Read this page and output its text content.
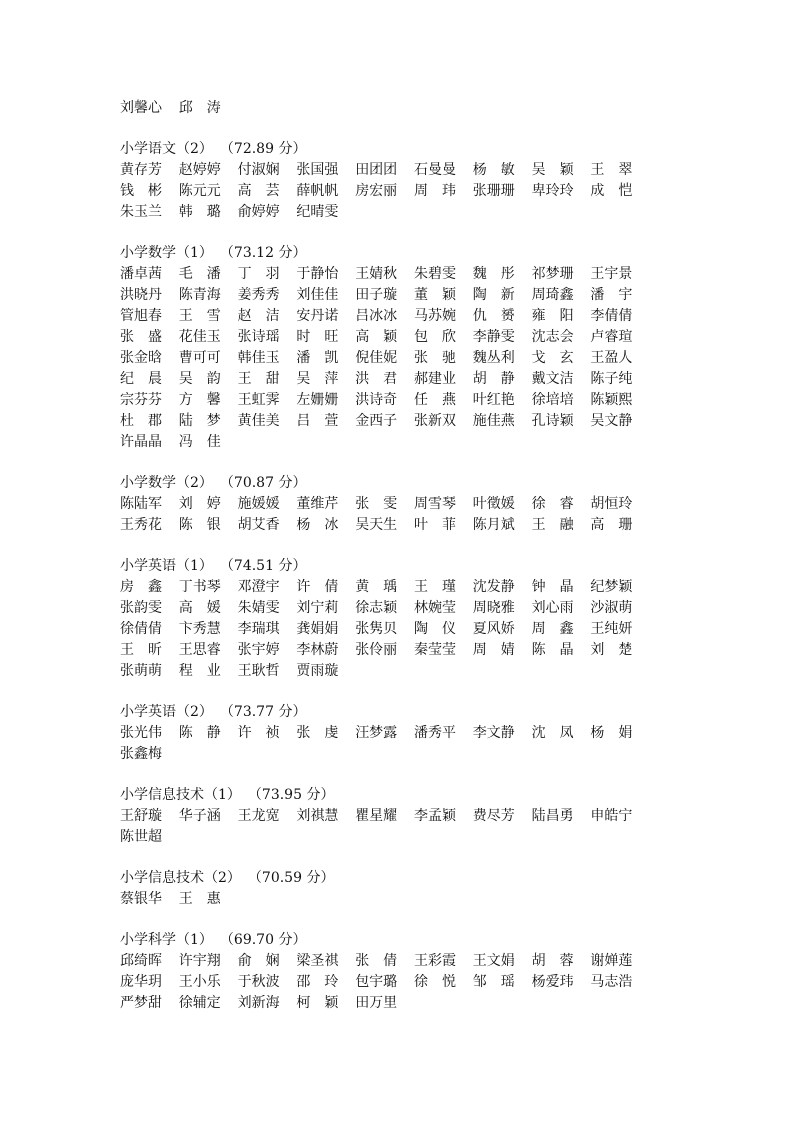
刘馨心 邱　涛
小学语文（2） （72.89 分）
黄存芳 赵婷婷 付淑娴 张国强 田团团 石曼曼 杨　敏 吴　颖 王　翠
钱　彬 陈元元 高　芸 薛帆帆 房宏丽 周　玮 张珊珊 卑玲玲 成　恺
朱玉兰 韩　璐 俞婷婷 纪晴雯
小学数学（1） （73.12 分）
潘卓茜 毛　潘 丁　羽 于静怡 王婧秋 朱碧雯 魏　彤 祁梦珊 王宇景
洪晓丹 陈青海 姜秀秀 刘佳佳 田子璇 董　颖 陶　新 周琦鑫 潘　宇
管旭春 王　雪 赵　洁 安丹诺 吕冰冰 马苏婉 仇　赟 雍　阳 李倩倩
张　盛 花佳玉 张诗瑶 时　旺 高　颖 包　欣 李静雯 沈志会 卢睿瑄
张金晗 曹可可 韩佳玉 潘　凯 倪佳妮 张　驰 魏丛利 戈　玄 王盈人
纪　晨 吴　韵 王　甜 吴　萍 洪　君 郝建业 胡　静 戴文洁 陈子纯
宗芬芬 方　馨 王虹霁 左姗姗 洪诗奇 任　燕 叶红艳 徐培培 陈颖熙
杜　郡 陆　梦 黄佳美 吕　萱 金西子 张新双 施佳燕 孔诗颖 吴文静
许晶晶 冯　佳
小学数学（2） （70.87 分）
陈陆军 刘　婷 施媛媛 董维芹 张　雯 周雪琴 叶徵媛 徐　睿 胡恒玲
王秀花 陈　银 胡艾香 杨　冰 吴天生 叶　菲 陈月斌 王　融 高　珊
小学英语（1） （74.51 分）
房　鑫 丁书琴 邓澄宇 许　倩 黄　瑀 王　瑾 沈发静 钟　晶 纪梦颖
张韵雯 高　媛 朱婧雯 刘宁莉 徐志颖 林婉莹 周晓雅 刘心雨 沙淑萌
徐倩倩 卞秀慧 李瑞琪 龚娟娟 张隽贝 陶　仪 夏风娇 周　鑫 王纯妍
王　昕 王思睿 张宇婷 李林蔚 张伶丽 秦莹莹 周　婧 陈　晶 刘　楚
张萌萌 程　业 王耿哲 贾雨璇
小学英语（2） （73.77 分）
张光伟 陈　静 许　祯 张　虔 汪梦露 潘秀平 李文静 沈　凤 杨　娟
张鑫梅
小学信息技术（1） （73.95 分）
王舒璇 华子涵 王龙宽 刘祺慧 瞿星耀 李孟颖 费尽芳 陆昌勇 申皓宁
陈世超
小学信息技术（2） （70.59 分）
蔡银华 王　惠
小学科学（1） （69.70 分）
邱绮晖 许宇翔 俞　娴 梁圣祺 张　倩 王彩霞 王文娟 胡　蓉 谢婵莲
庞华玥 王小乐 于秋波 邵　玲 包宇璐 徐　悦 邹　瑶 杨爱玮 马志浩
严梦甜 徐辅定 刘新海 柯　颖 田万里
